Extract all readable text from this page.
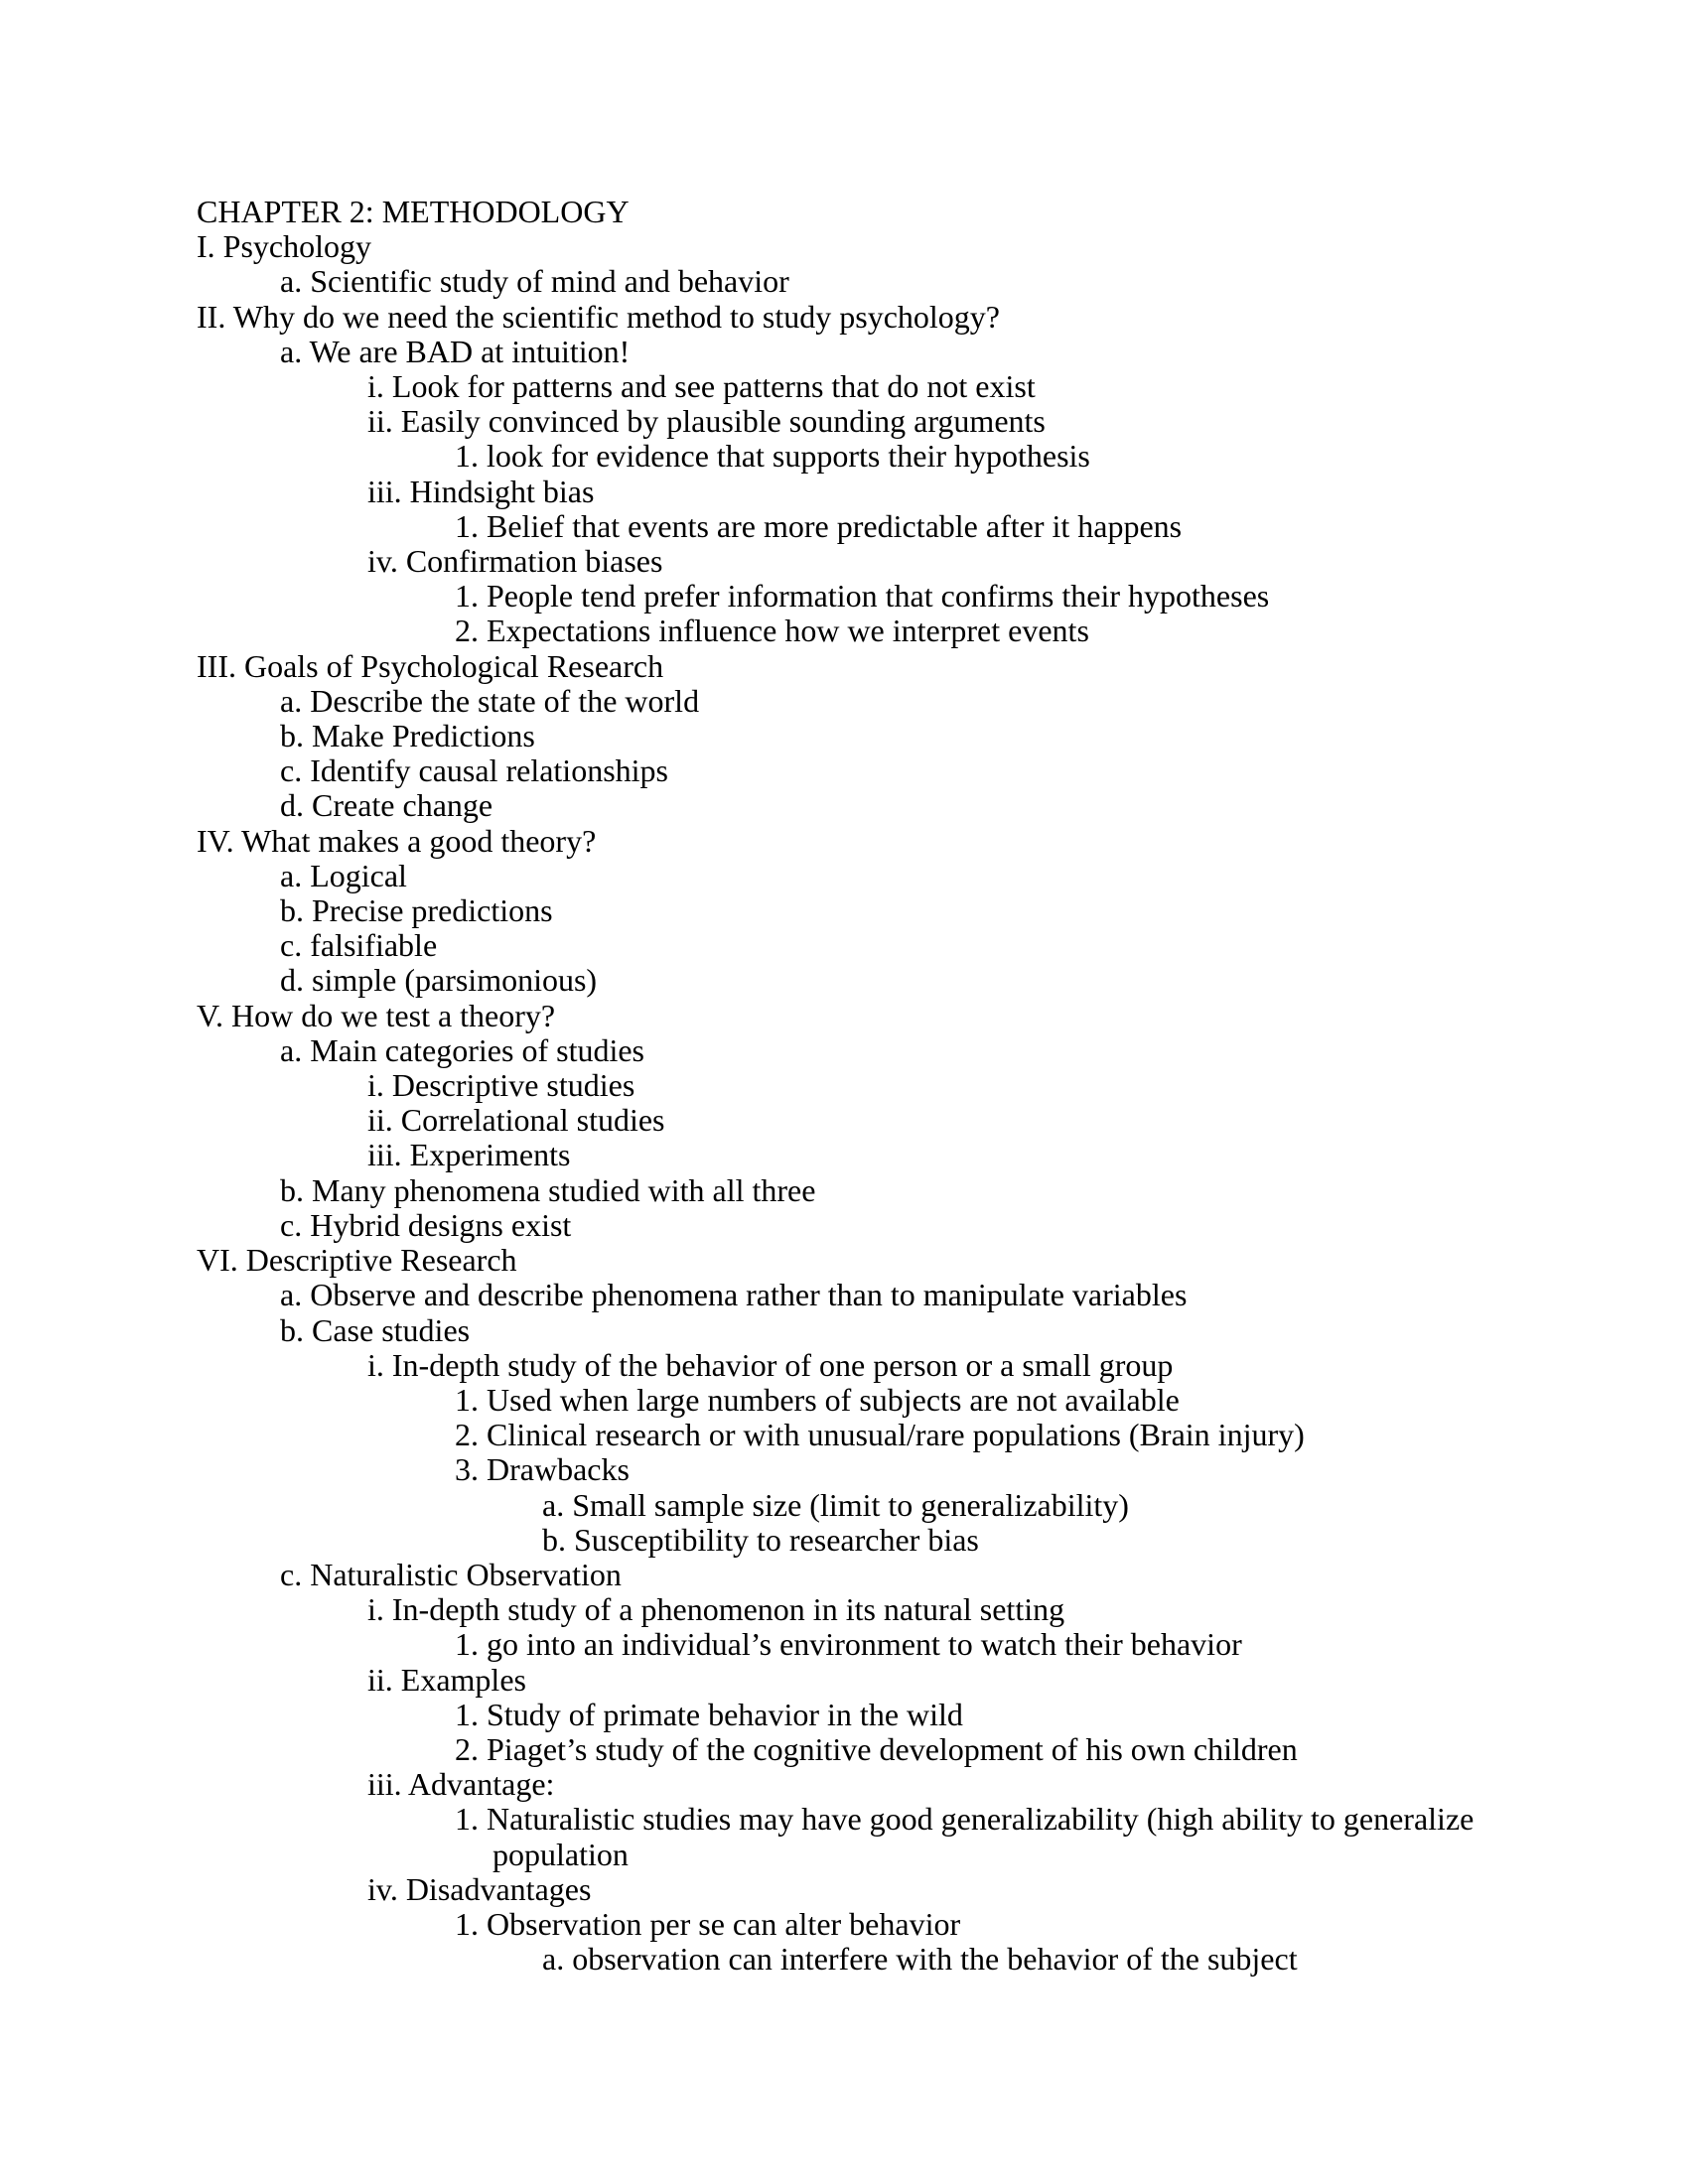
CHAPTER 2: METHODOLOGY
I. Psychology
a. Scientific study of mind and behavior
II. Why do we need the scientific method to study psychology?
a. We are BAD at intuition!
i. Look for patterns and see patterns that do not exist
ii. Easily convinced by plausible sounding arguments
1. look for evidence that supports their hypothesis
iii. Hindsight bias
1. Belief that events are more predictable after it happens
iv. Confirmation biases
1. People tend prefer information that confirms their hypotheses
2. Expectations influence how we interpret events
III. Goals of Psychological Research
a. Describe the state of the world
b. Make Predictions
c. Identify causal relationships
d. Create change
IV. What makes a good theory?
a. Logical
b. Precise predictions
c. falsifiable
d. simple (parsimonious)
V. How do we test a theory?
a. Main categories of studies
i. Descriptive studies
ii. Correlational studies
iii. Experiments
b. Many phenomena studied with all three
c. Hybrid designs exist
VI. Descriptive Research
a. Observe and describe phenomena rather than to manipulate variables
b. Case studies
i. In-depth study of the behavior of one person or a small group
1. Used when large numbers of subjects are not available
2. Clinical research or with unusual/rare populations (Brain injury)
3. Drawbacks
a. Small sample size (limit to generalizability)
b. Susceptibility to researcher bias
c. Naturalistic Observation
i. In-depth study of a phenomenon in its natural setting
1. go into an individual’s environment to watch their behavior
ii. Examples
1. Study of primate behavior in the wild
2. Piaget’s study of the cognitive development of his own children
iii. Advantage:
1. Naturalistic studies may have good generalizability (high ability to generalize
population
iv. Disadvantages
1. Observation per se can alter behavior
a. observation can interfere with the behavior of the subject
